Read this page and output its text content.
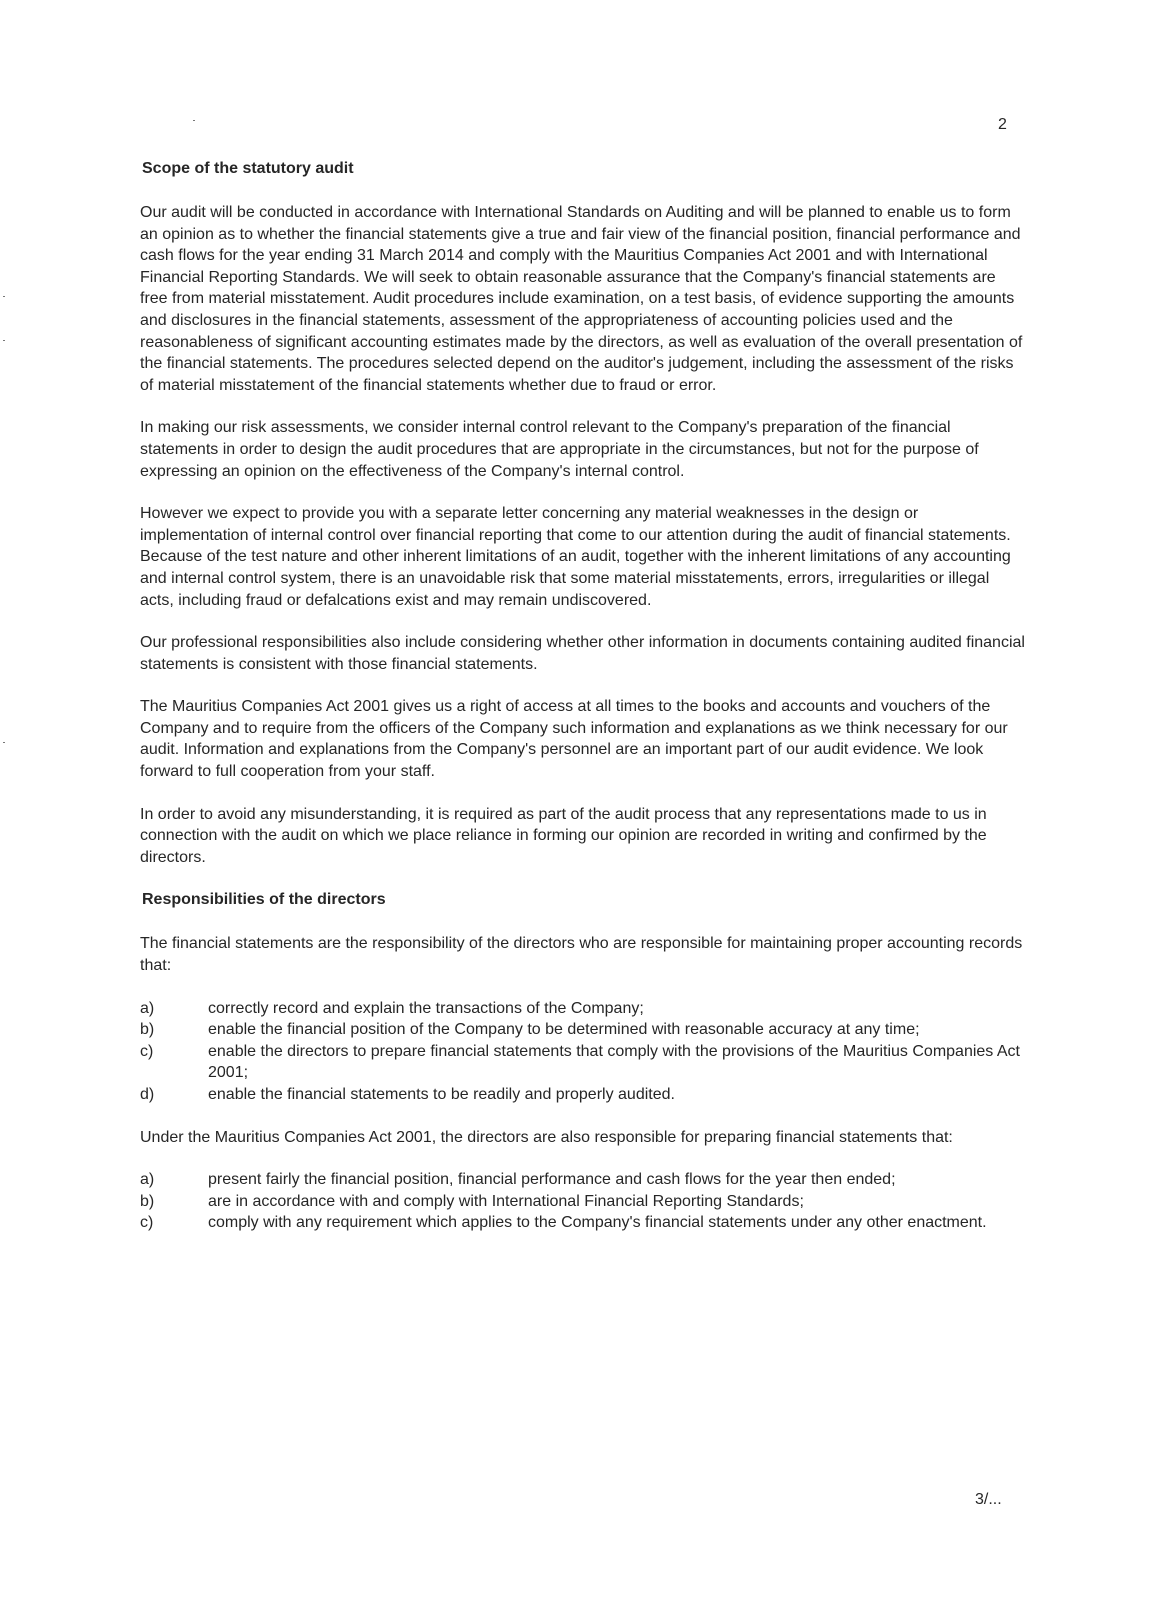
2
Scope of the statutory audit

Our audit will be conducted in accordance with International Standards on Auditing and will be planned to enable us to form an opinion as to whether the financial statements give a true and fair view of the financial position, financial performance and cash flows for the year ending 31 March 2014 and comply with the Mauritius Companies Act 2001 and with International Financial Reporting Standards. We will seek to obtain reasonable assurance that the Company's financial statements are free from material misstatement. Audit procedures include examination, on a test basis, of evidence supporting the amounts and disclosures in the financial statements, assessment of the appropriateness of accounting policies used and the reasonableness of significant accounting estimates made by the directors, as well as evaluation of the overall presentation of the financial statements. The procedures selected depend on the auditor's judgement, including the assessment of the risks of material misstatement of the financial statements whether due to fraud or error.

In making our risk assessments, we consider internal control relevant to the Company's preparation of the financial statements in order to design the audit procedures that are appropriate in the circumstances, but not for the purpose of expressing an opinion on the effectiveness of the Company's internal control.

However we expect to provide you with a separate letter concerning any material weaknesses in the design or implementation of internal control over financial reporting that come to our attention during the audit of financial statements. Because of the test nature and other inherent limitations of an audit, together with the inherent limitations of any accounting and internal control system, there is an unavoidable risk that some material misstatements, errors, irregularities or illegal acts, including fraud or defalcations exist and may remain undiscovered.

Our professional responsibilities also include considering whether other information in documents containing audited financial statements is consistent with those financial statements.

The Mauritius Companies Act 2001 gives us a right of access at all times to the books and accounts and vouchers of the Company and to require from the officers of the Company such information and explanations as we think necessary for our audit. Information and explanations from the Company's personnel are an important part of our audit evidence. We look forward to full cooperation from your staff.

In order to avoid any misunderstanding, it is required as part of the audit process that any representations made to us in connection with the audit on which we place reliance in forming our opinion are recorded in writing and confirmed by the directors.

Responsibilities of the directors

The financial statements are the responsibility of the directors who are responsible for maintaining proper accounting records that:

a)	correctly record and explain the transactions of the Company;
b)	enable the financial position of the Company to be determined with reasonable accuracy at any time;
c)	enable the directors to prepare financial statements that comply with the provisions of the Mauritius Companies Act 2001;
d)	enable the financial statements to be readily and properly audited.

Under the Mauritius Companies Act 2001, the directors are also responsible for preparing financial statements that:

a)	present fairly the financial position, financial performance and cash flows for the year then ended;
b)	are in accordance with and comply with International Financial Reporting Standards;
c)	comply with any requirement which applies to the Company's financial statements under any other enactment.
3/...
